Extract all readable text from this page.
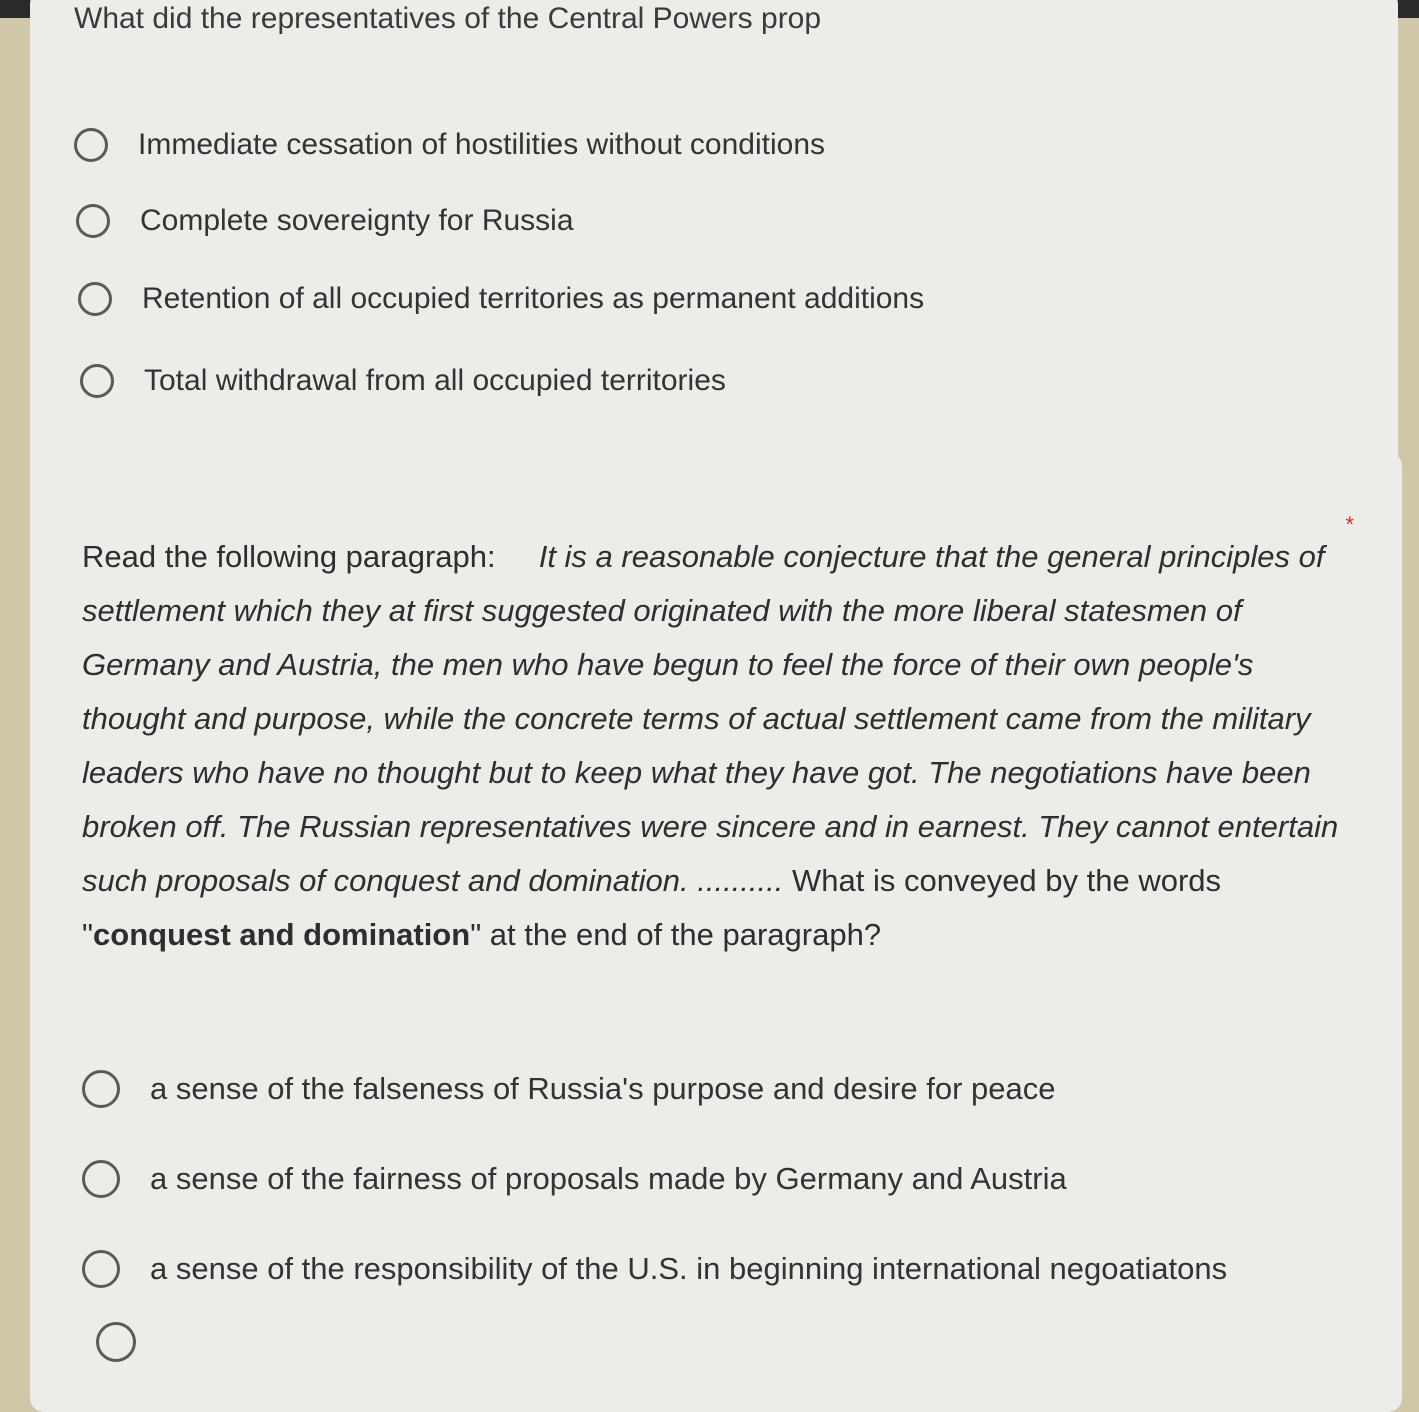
What did the representatives of the Central Powers prop
Immediate cessation of hostilities without conditions
Complete sovereignty for Russia
Retention of all occupied territories as permanent additions
Total withdrawal from all occupied territories
*
Read the following paragraph: It is a reasonable conjecture that the general principles of settlement which they at first suggested originated with the more liberal statesmen of Germany and Austria, the men who have begun to feel the force of their own people's thought and purpose, while the concrete terms of actual settlement came from the military leaders who have no thought but to keep what they have got. The negotiations have been broken off. The Russian representatives were sincere and in earnest. They cannot entertain such proposals of conquest and domination. .......... What is conveyed by the words "conquest and domination" at the end of the paragraph?
a sense of the falseness of Russia's purpose and desire for peace
a sense of the fairness of proposals made by Germany and Austria
a sense of the responsibility of the U.S. in beginning international negoatiatons
